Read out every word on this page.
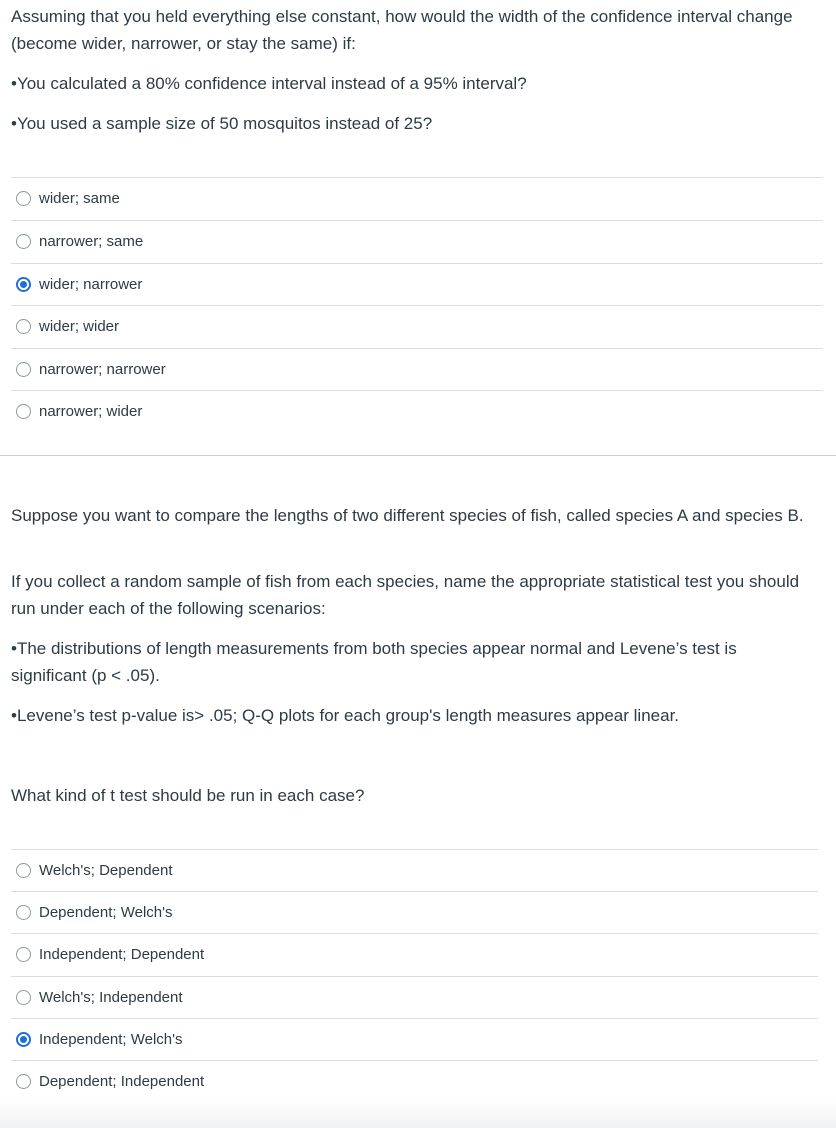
Assuming that you held everything else constant, how would the width of the confidence interval change (become wider, narrower, or stay the same) if:

•You calculated a 80% confidence interval instead of a 95% interval?

•You used a sample size of 50 mosquitos instead of 25?

wider; same
narrower; same
wider; narrower
wider; wider
narrower; narrower
narrower; wider

Suppose you want to compare the lengths of two different species of fish, called species A and species B.

If you collect a random sample of fish from each species, name the appropriate statistical test you should run under each of the following scenarios:

•The distributions of length measurements from both species appear normal and Levene’s test is significant (p < .05).

•Levene’s test p-value is> .05; Q-Q plots for each group's length measures appear linear.

What kind of t test should be run in each case?

Welch's; Dependent
Dependent; Welch's
Independent; Dependent
Welch's; Independent
Independent; Welch's
Dependent; Independent
